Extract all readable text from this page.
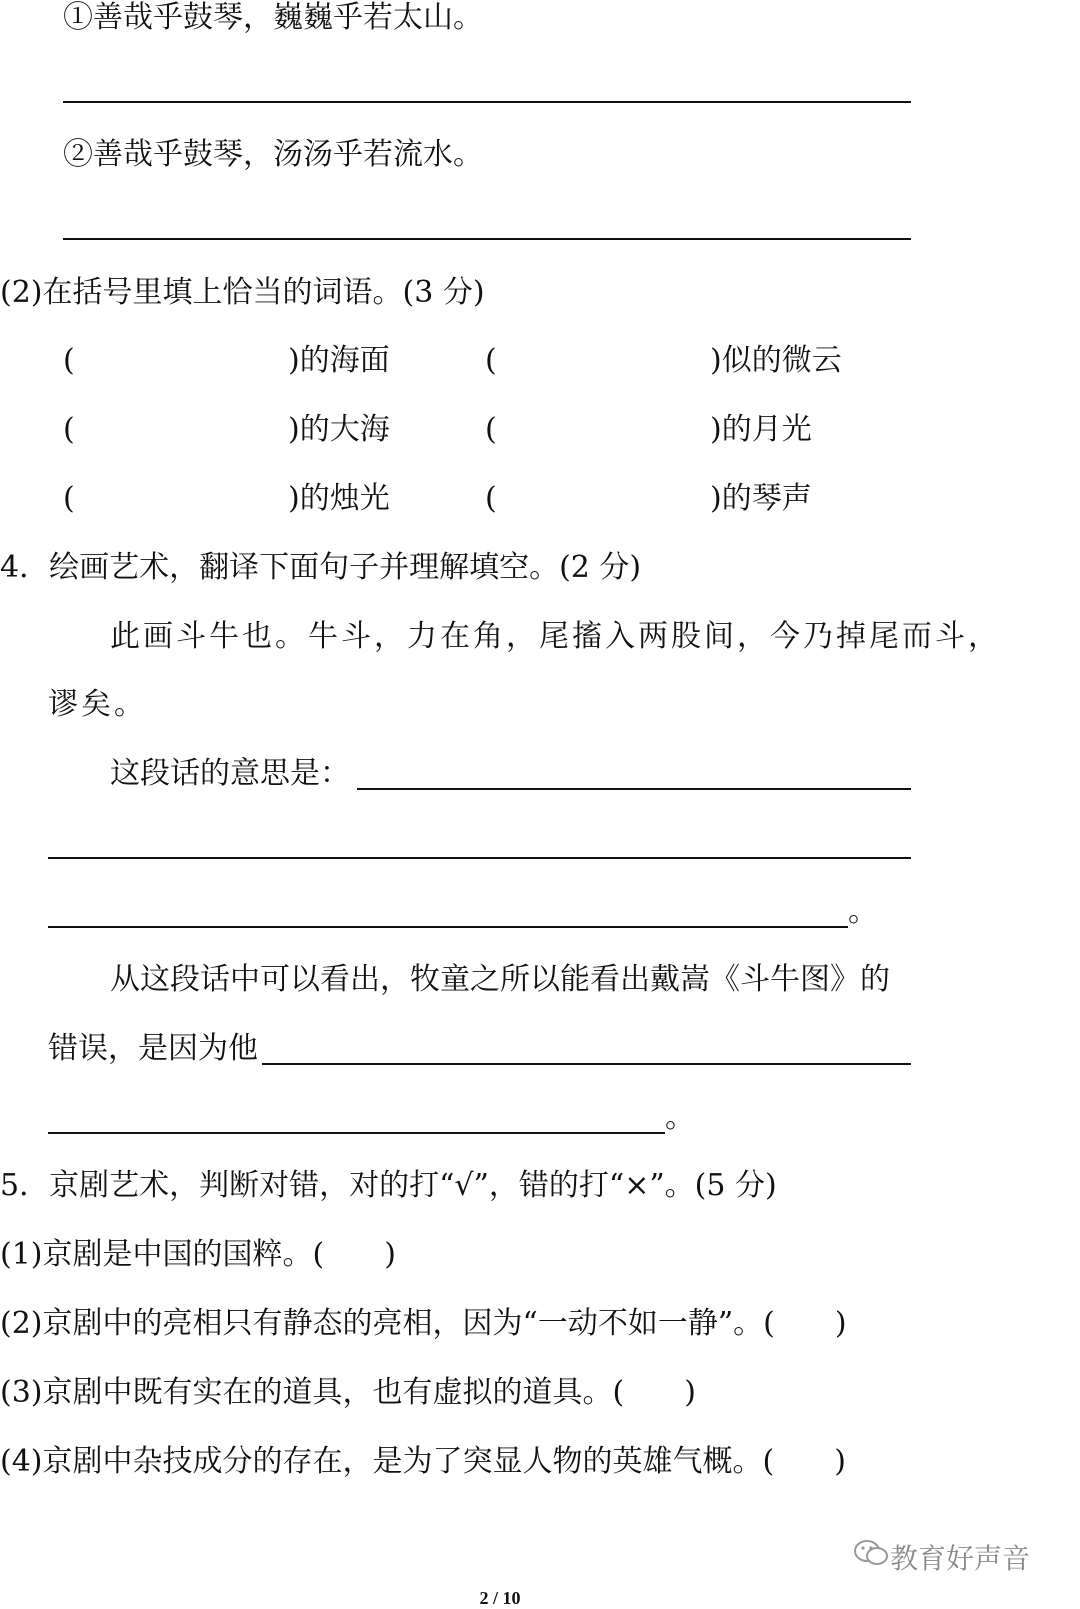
①善哉乎鼓琴，巍巍乎若太山。
②善哉乎鼓琴，汤汤乎若流水。
(2)在括号里填上恰当的词语。(3 分)
(	)的海面	(	)似的微云
(	)的大海	(	)的月光
(	)的烛光	(	)的琴声
4．绘画艺术，翻译下面句子并理解填空。(2 分)
此画斗牛也。牛斗，力在角，尾搐入两股间，今乃掉尾而斗，
谬矣。
这段话的意思是：
。
从这段话中可以看出，牧童之所以能看出戴嵩《斗牛图》的
错误，是因为他
。
5．京剧艺术，判断对错，对的打“√”，错的打“×”。(5 分)
(1)京剧是中国的国粹。(　　)
(2)京剧中的亮相只有静态的亮相，因为“一动不如一静”。(　　)
(3)京剧中既有实在的道具，也有虚拟的道具。(　　)
(4)京剧中杂技成分的存在，是为了突显人物的英雄气概。(　　)
教育好声音
2 / 10
